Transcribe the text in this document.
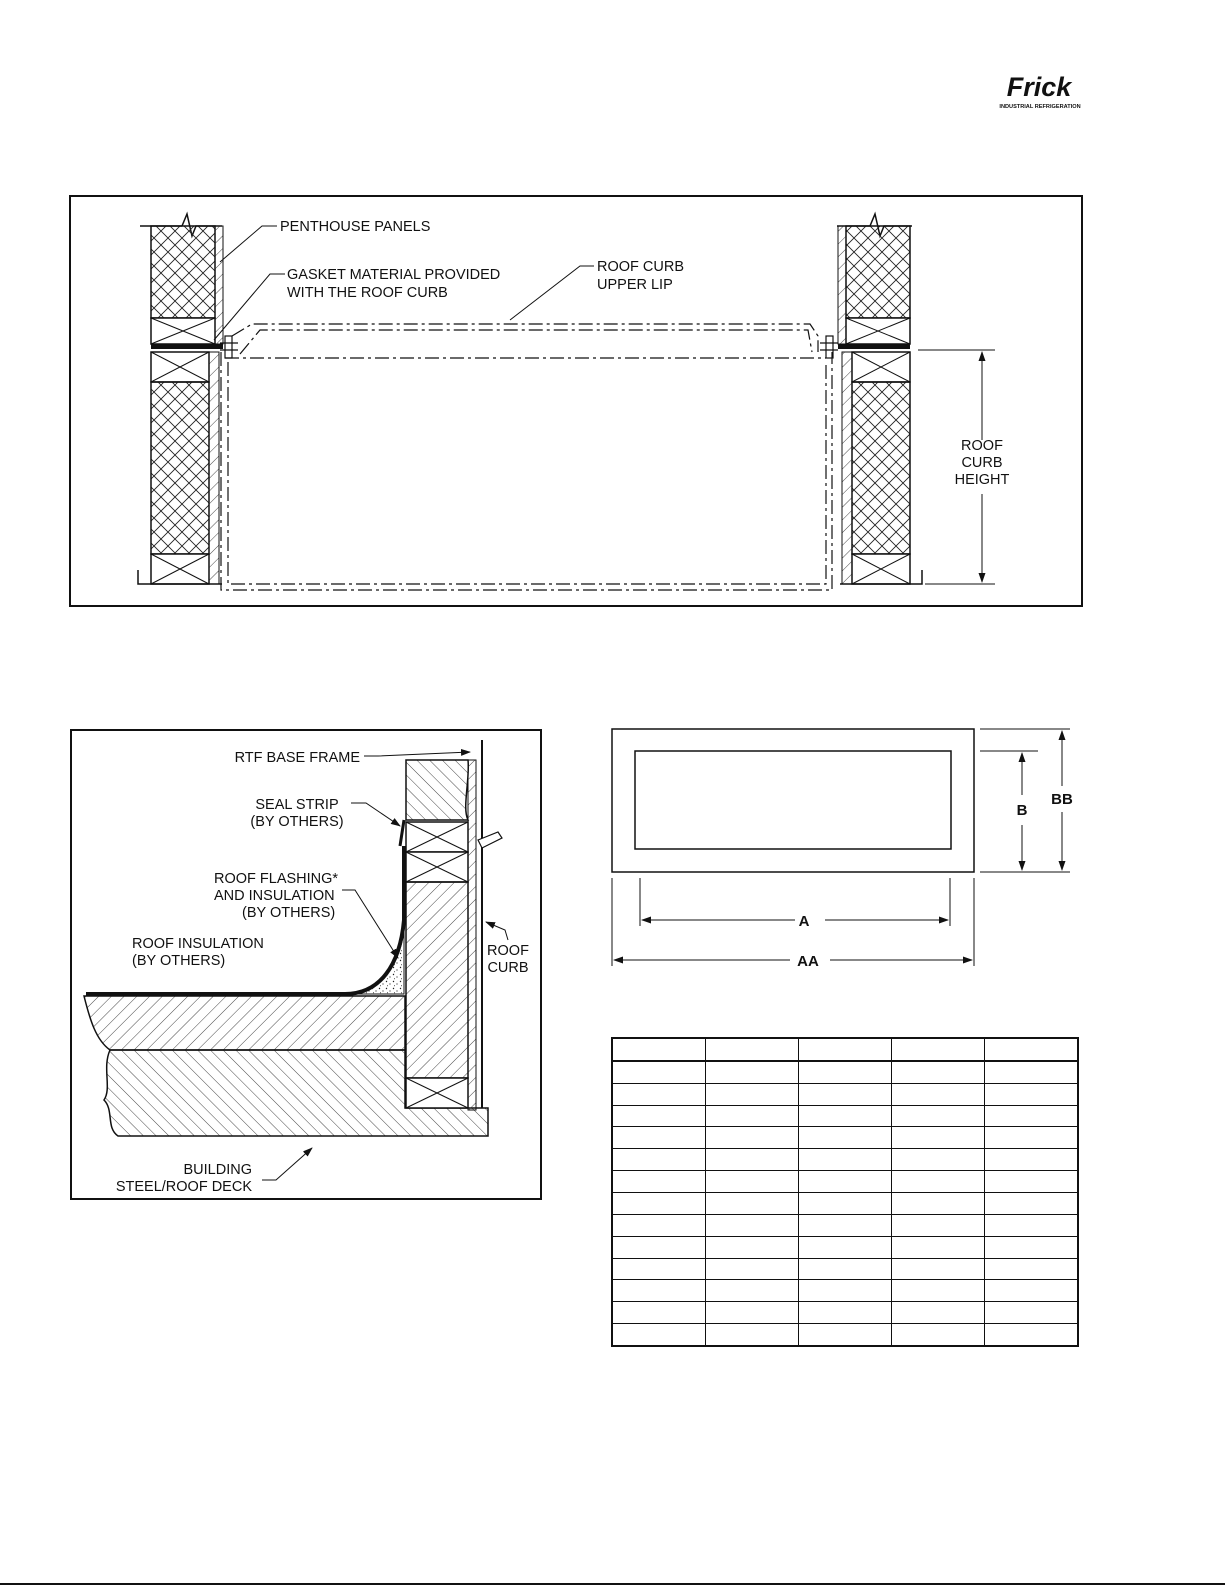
Frick
INDUSTRIAL REFRIGERATION
PENTHOUSE PANELS
GASKET MATERIAL PROVIDED
WITH THE ROOF CURB
ROOF CURB
UPPER LIP
ROOF
CURB
HEIGHT
RTF BASE FRAME
SEAL STRIP
(BY OTHERS)
ROOF FLASHING*
AND INSULATION
(BY OTHERS)
ROOF INSULATION
(BY OTHERS)
ROOF
CURB
BUILDING
STEEL/ROOF DECK
A
AA
B
BB
